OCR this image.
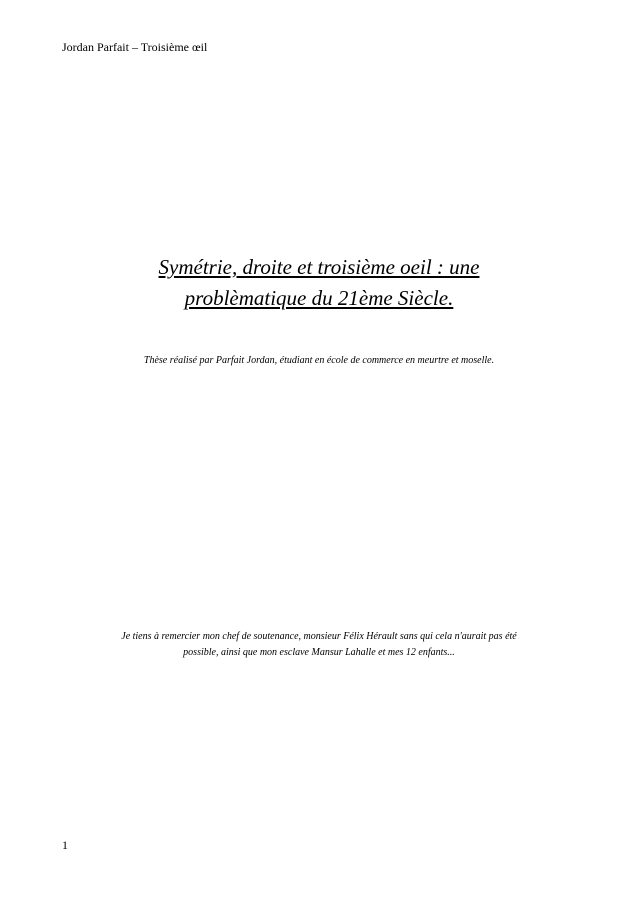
Jordan Parfait – Troisième œil
Symétrie, droite et troisième oeil : une
problèmatique du 21ème Siècle.

Thèse réalisé par Parfait Jordan, étudiant en école de commerce en meurtre et moselle.

Je tiens à remercier mon chef de soutenance, monsieur Félix Hérault sans qui cela n'aurait pas été
possible, ainsi que mon esclave Mansur Lahalle et mes 12 enfants...

1
